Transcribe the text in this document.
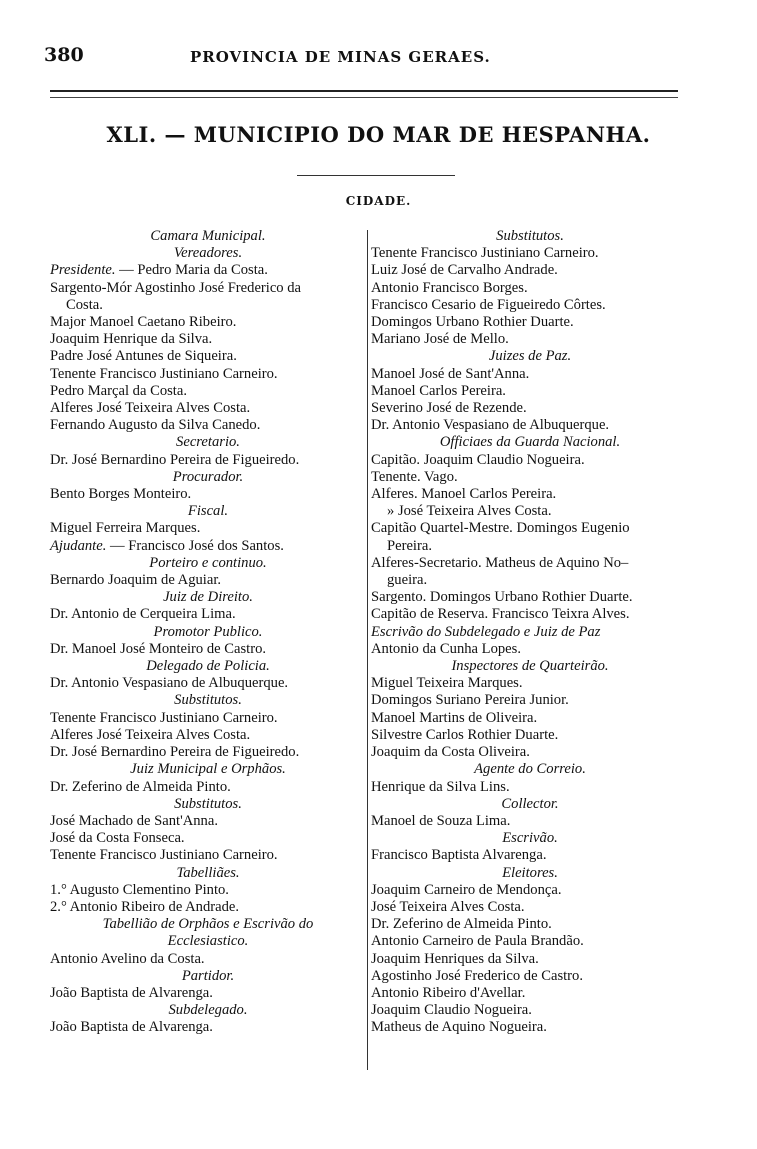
380	PROVINCIA DE MINAS GERAES.
XLI. — MUNICIPIO DO MAR DE HESPANHA.
CIDADE.
Camara Municipal.
Vereadores.
Presidente. — Pedro Maria da Costa.
Sargento-Mór Agostinho José Frederico da
Costa.
Major Manoel Caetano Ribeiro.
Joaquim Henrique da Silva.
Padre José Antunes de Siqueira.
Tenente Francisco Justiniano Carneiro.
Pedro Marçal da Costa.
Alferes José Teixeira Alves Costa.
Fernando Augusto da Silva Canedo.
Secretario.
Dr. José Bernardino Pereira de Figueiredo.
Procurador.
Bento Borges Monteiro.
Fiscal.
Miguel Ferreira Marques.
Ajudante. — Francisco José dos Santos.
Porteiro e continuo.
Bernardo Joaquim de Aguiar.
Juiz de Direito.
Dr. Antonio de Cerqueira Lima.
Promotor Publico.
Dr. Manoel José Monteiro de Castro.
Delegado de Policia.
Dr. Antonio Vespasiano de Albuquerque.
Substitutos.
Tenente Francisco Justiniano Carneiro.
Alferes José Teixeira Alves Costa.
Dr. José Bernardino Pereira de Figueiredo.
Juiz Municipal e Orphãos.
Dr. Zeferino de Almeida Pinto.
Substitutos.
José Machado de Sant'Anna.
José da Costa Fonseca.
Tenente Francisco Justiniano Carneiro.
Tabelliães.
1.° Augusto Clementino Pinto.
2.° Antonio Ribeiro de Andrade.
Tabellião de Orphãos e Escrivão do
Ecclesiastico.
Antonio Avelino da Costa.
Partidor.
João Baptista de Alvarenga.
Subdelegado.
João Baptista de Alvarenga.
Substitutos.
Tenente Francisco Justiniano Carneiro.
Luiz José de Carvalho Andrade.
Antonio Francisco Borges.
Francisco Cesario de Figueiredo Côrtes.
Domingos Urbano Rothier Duarte.
Mariano José de Mello.
Juizes de Paz.
Manoel José de Sant'Anna.
Manoel Carlos Pereira.
Severino José de Rezende.
Dr. Antonio Vespasiano de Albuquerque.
Officiaes da Guarda Nacional.
Capitão. Joaquim Claudio Nogueira.
Tenente. Vago.
Alferes. Manoel Carlos Pereira.
» José Teixeira Alves Costa.
Capitão Quartel-Mestre. Domingos Eugenio
Pereira.
Alferes-Secretario. Matheus de Aquino No–
gueira.
Sargento. Domingos Urbano Rothier Duarte.
Capitão de Reserva. Francisco Teixra Alves.
Escrivão do Subdelegado e Juiz de Paz
Antonio da Cunha Lopes.
Inspectores de Quarteirão.
Miguel Teixeira Marques.
Domingos Suriano Pereira Junior.
Manoel Martins de Oliveira.
Silvestre Carlos Rothier Duarte.
Joaquim da Costa Oliveira.
Agente do Correio.
Henrique da Silva Lins.
Collector.
Manoel de Souza Lima.
Escrivão.
Francisco Baptista Alvarenga.
Eleitores.
Joaquim Carneiro de Mendonça.
José Teixeira Alves Costa.
Dr. Zeferino de Almeida Pinto.
Antonio Carneiro de Paula Brandão.
Joaquim Henriques da Silva.
Agostinho José Frederico de Castro.
Antonio Ribeiro d'Avellar.
Joaquim Claudio Nogueira.
Matheus de Aquino Nogueira.
